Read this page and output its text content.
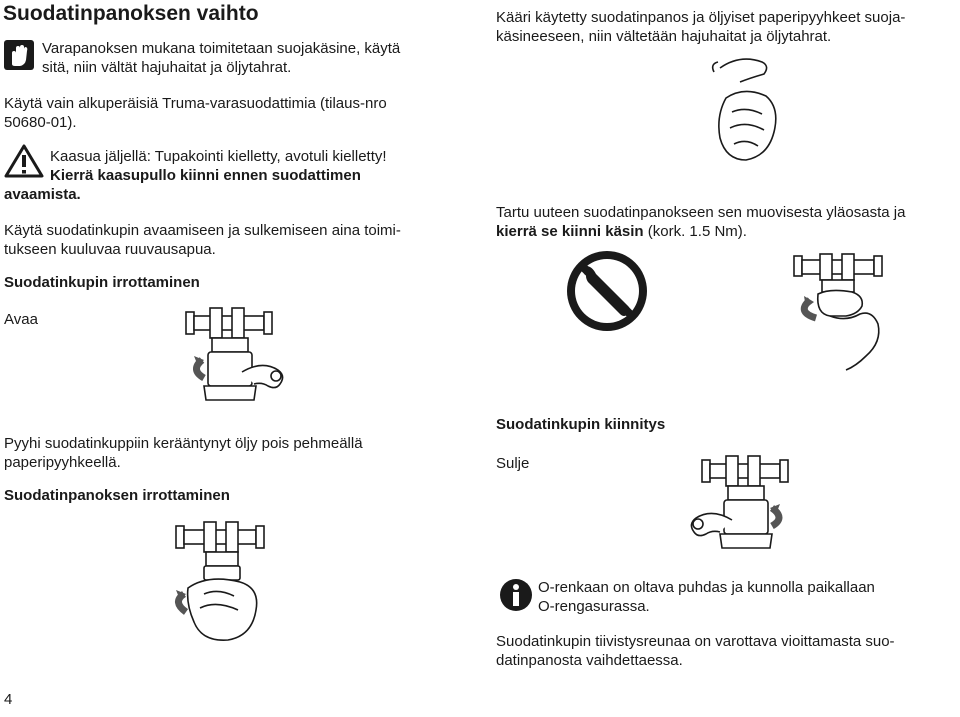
Suodatinpanoksen vaihto
Varapanoksen mukana toimitetaan suojakäsine, käytä
sitä, niin vältät hajuhaitat ja öljytahrat.
Käytä vain alkuperäisiä Truma-varasuodattimia (tilaus-nro
50680-01).
Kaasua jäljellä: Tupakointi kielletty, avotuli kielletty!
Kierrä kaasupullo kiinni ennen suodattimen
avaamista.
Käytä suodatinkupin avaamiseen ja sulkemiseen aina toimi-
tukseen kuuluvaa ruuvausapua.
Suodatinkupin irrottaminen
Avaa
Pyyhi suodatinkuppiin kerääntynyt öljy pois pehmeällä
paperipyyhkeellä.
Suodatinpanoksen irrottaminen
4
Kääri käytetty suodatinpanos ja öljyiset paperipyyhkeet suoja-
käsineeseen, niin vältetään hajuhaitat ja öljytahrat.
Tartu uuteen suodatinpanokseen sen muovisesta yläosasta ja
kierrä se kiinni käsin (kork. 1.5 Nm).
Suodatinkupin kiinnitys
Sulje
O-renkaan on oltava puhdas ja kunnolla paikallaan
O-rengasurassa.
Suodatinkupin tiivistysreunaa on varottava vioittamasta suo-
datinpanosta vaihdettaessa.
